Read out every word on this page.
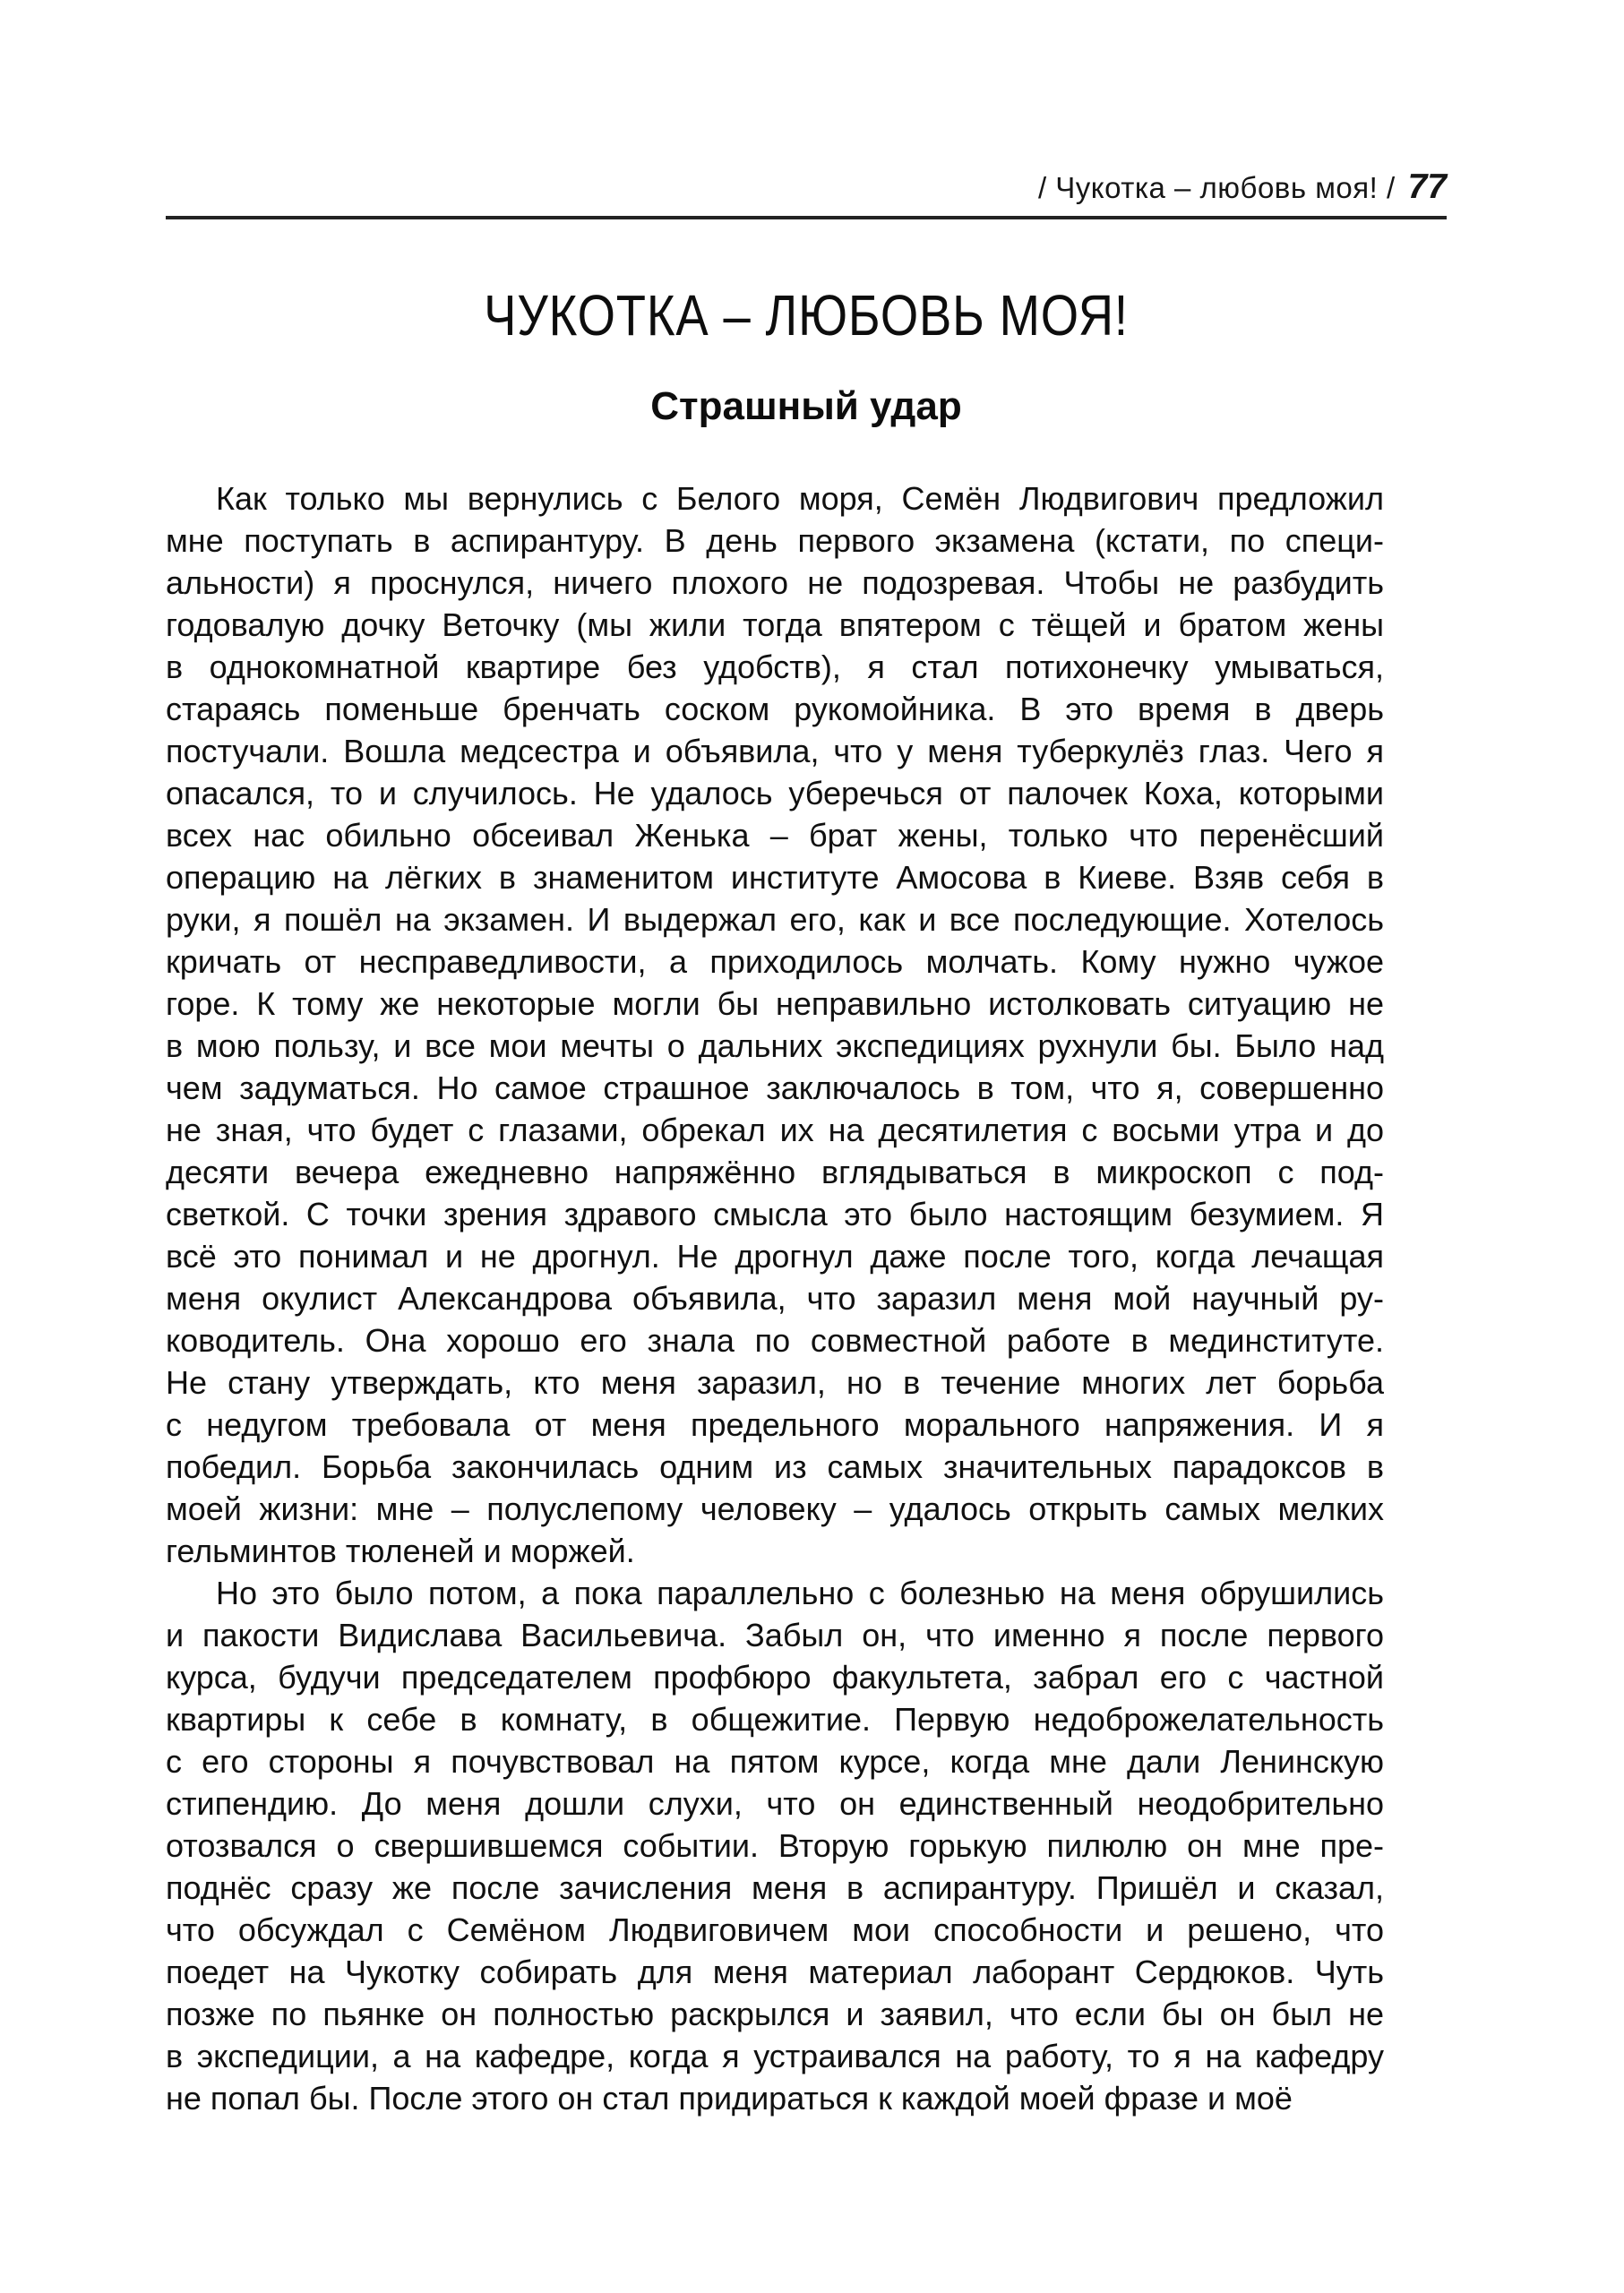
/ Чукотка – любовь моя! / 77
ЧУКОТКА – ЛЮБОВЬ МОЯ!
Страшный удар
Как только мы вернулись с Белого моря, Семён Людвигович предложил
мне поступать в аспирантуру. В день первого экзамена (кстати, по специ-
альности) я проснулся, ничего плохого не подозревая. Чтобы не разбудить
годовалую дочку Веточку (мы жили тогда впятером с тёщей и братом жены
в однокомнатной квартире без удобств), я стал потихонечку умываться,
стараясь поменьше бренчать соском рукомойника. В это время в дверь
постучали. Вошла медсестра и объявила, что у меня туберкулёз глаз. Чего я
опасался, то и случилось. Не удалось уберечься от палочек Коха, которыми
всех нас обильно обсеивал Женька – брат жены, только что перенёсший
операцию на лёгких в знаменитом институте Амосова в Киеве. Взяв себя в
руки, я пошёл на экзамен. И выдержал его, как и все последующие. Хотелось
кричать от несправедливости, а приходилось молчать. Кому нужно чужое
горе. К тому же некоторые могли бы неправильно истолковать ситуацию не
в мою пользу, и все мои мечты о дальних экспедициях рухнули бы. Было над
чем задуматься. Но самое страшное заключалось в том, что я, совершенно
не зная, что будет с глазами, обрекал их на десятилетия с восьми утра и до
десяти вечера ежедневно напряжённо вглядываться в микроскоп с под-
светкой. С точки зрения здравого смысла это было настоящим безумием. Я
всё это понимал и не дрогнул. Не дрогнул даже после того, когда лечащая
меня окулист Александрова объявила, что заразил меня мой научный ру-
ководитель. Она хорошо его знала по совместной работе в мединституте.
Не стану утверждать, кто меня заразил, но в течение многих лет борьба
с недугом требовала от меня предельного морального напряжения. И я
победил. Борьба закончилась одним из самых значительных парадоксов в
моей жизни: мне – полуслепому человеку – удалось открыть самых мелких
гельминтов тюленей и моржей.
Но это было потом, а пока параллельно с болезнью на меня обрушились
и пакости Видислава Васильевича. Забыл он, что именно я после первого
курса, будучи председателем профбюро факультета, забрал его с частной
квартиры к себе в комнату, в общежитие. Первую недоброжелательность
с его стороны я почувствовал на пятом курсе, когда мне дали Ленинскую
стипендию. До меня дошли слухи, что он единственный неодобрительно
отозвался о свершившемся событии. Вторую горькую пилюлю он мне пре-
поднёс сразу же после зачисления меня в аспирантуру. Пришёл и сказал,
что обсуждал с Семёном Людвиговичем мои способности и решено, что
поедет на Чукотку собирать для меня материал лаборант Сердюков. Чуть
позже по пьянке он полностью раскрылся и заявил, что если бы он был не
в экспедиции, а на кафедре, когда я устраивался на работу, то я на кафедру
не попал бы. После этого он стал придираться к каждой моей фразе и моё
